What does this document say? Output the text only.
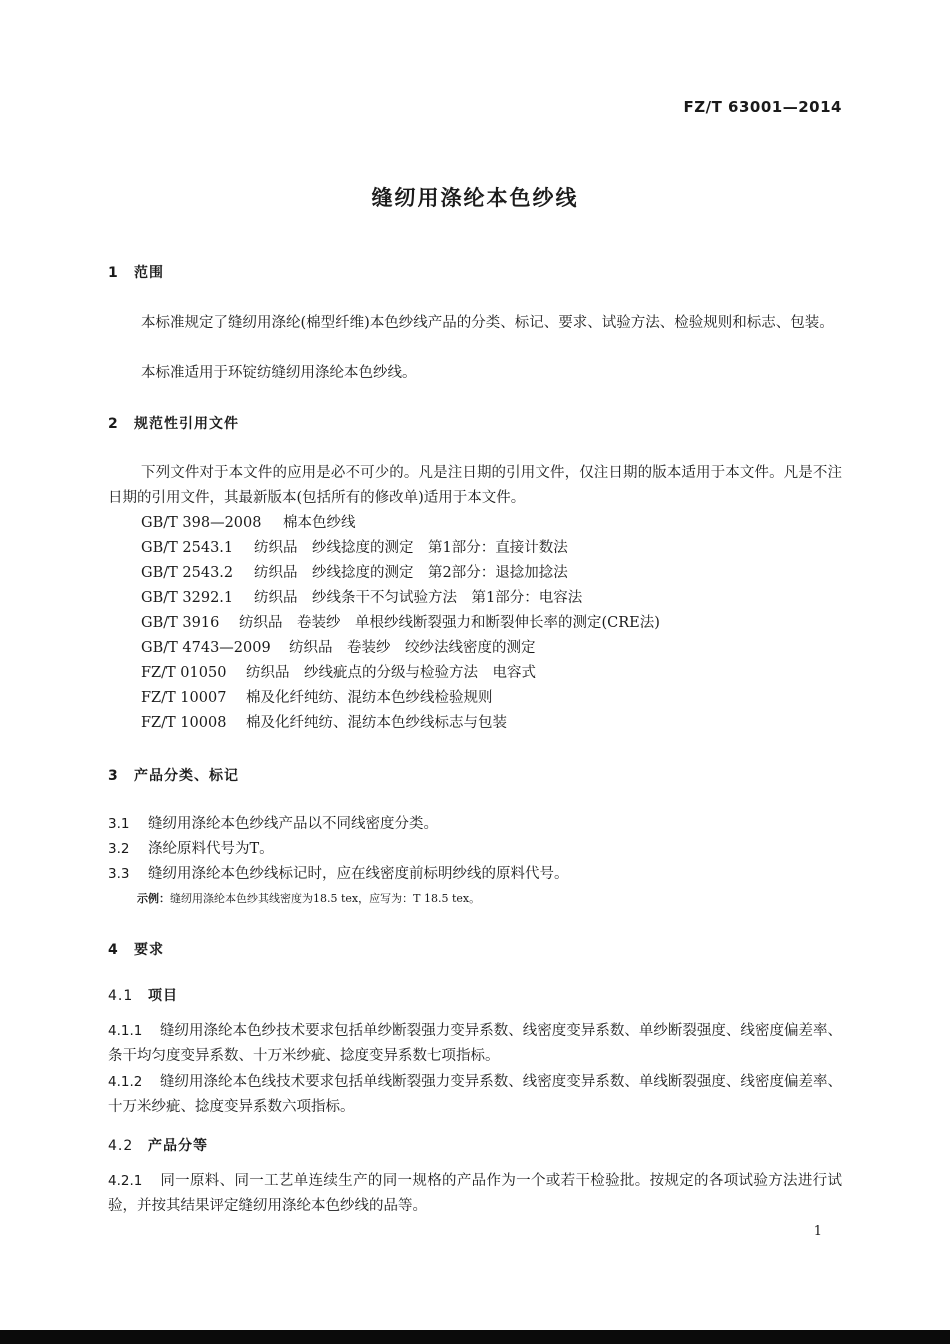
FZ/T 63001—2014
缝纫用涤纶本色纱线
1 范围
本标准规定了缝纫用涤纶(棉型纤维)本色纱线产品的分类、标记、要求、试验方法、检验规则和标志、包装。
本标准适用于环锭纺缝纫用涤纶本色纱线。
2 规范性引用文件
下列文件对于本文件的应用是必不可少的。凡是注日期的引用文件，仅注日期的版本适用于本文件。凡是不注日期的引用文件，其最新版本(包括所有的修改单)适用于本文件。
GB/T 398—2008 棉本色纱线
GB/T 2543.1 纺织品　纱线捻度的测定　第1部分：直接计数法
GB/T 2543.2 纺织品　纱线捻度的测定　第2部分：退捻加捻法
GB/T 3292.1 纺织品　纱线条干不匀试验方法　第1部分：电容法
GB/T 3916 纺织品　卷装纱　单根纱线断裂强力和断裂伸长率的测定(CRE法)
GB/T 4743—2009 纺织品　卷装纱　绞纱法线密度的测定
FZ/T 01050 纺织品　纱线疵点的分级与检验方法　电容式
FZ/T 10007 棉及化纤纯纺、混纺本色纱线检验规则
FZ/T 10008 棉及化纤纯纺、混纺本色纱线标志与包装
3 产品分类、标记
3.1 缝纫用涤纶本色纱线产品以不同线密度分类。
3.2 涤纶原料代号为T。
3.3 缝纫用涤纶本色纱线标记时，应在线密度前标明纱线的原料代号。
示例：缝纫用涤纶本色纱其线密度为18.5 tex，应写为：T 18.5 tex。
4 要求
4.1 项目
4.1.1 缝纫用涤纶本色纱技术要求包括单纱断裂强力变异系数、线密度变异系数、单纱断裂强度、线密度偏差率、条干均匀度变异系数、十万米纱疵、捻度变异系数七项指标。
4.1.2 缝纫用涤纶本色线技术要求包括单线断裂强力变异系数、线密度变异系数、单线断裂强度、线密度偏差率、十万米纱疵、捻度变异系数六项指标。
4.2 产品分等
4.2.1 同一原料、同一工艺单连续生产的同一规格的产品作为一个或若干检验批。按规定的各项试验方法进行试验，并按其结果评定缝纫用涤纶本色纱线的品等。
1
